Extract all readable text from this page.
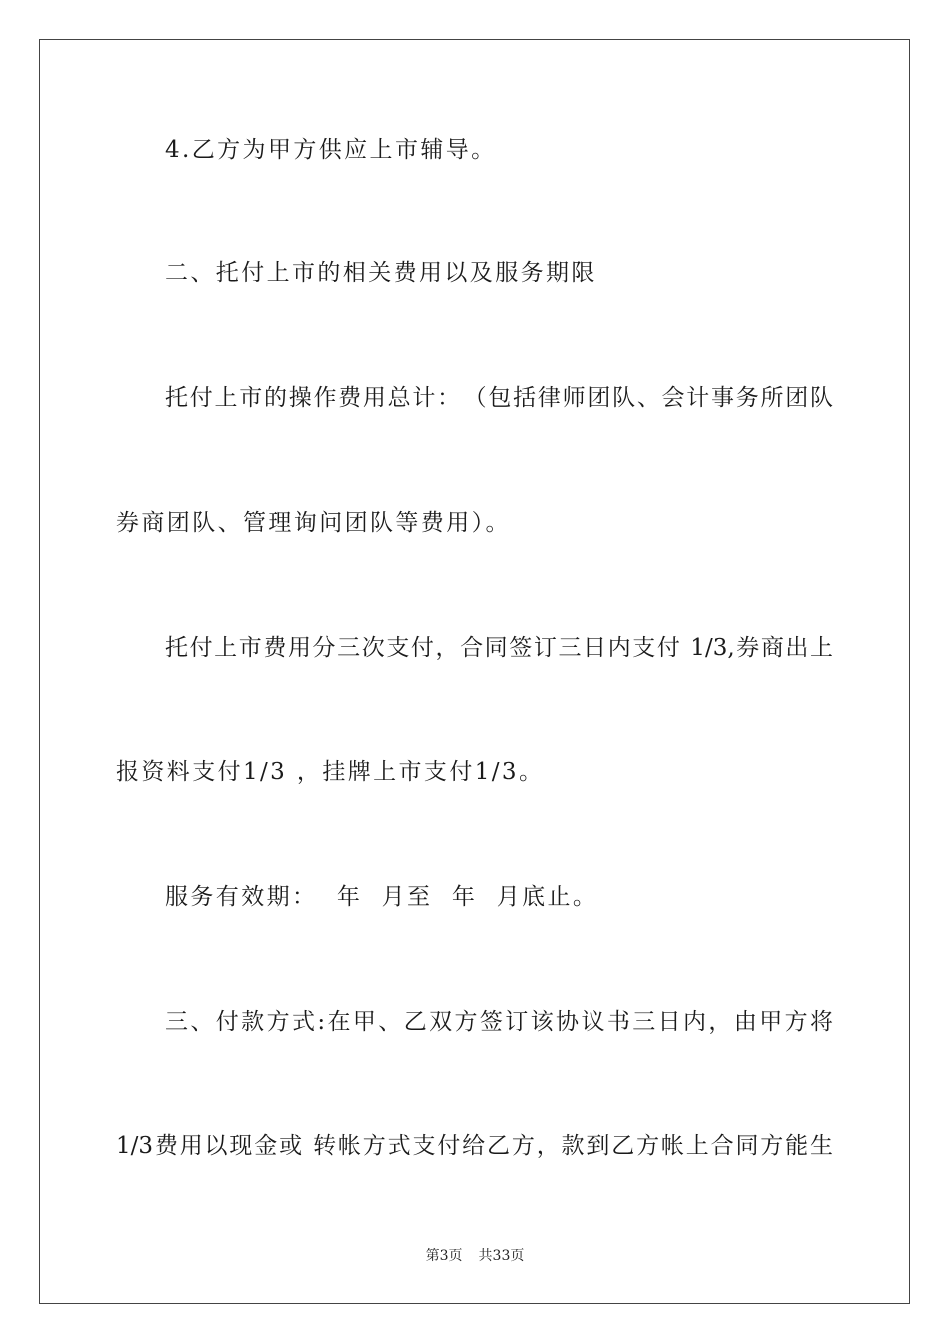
4.乙方为甲方供应上市辅导。
二、托付上市的相关费用以及服务期限
托付上市的操作费用总计：　（包括律师团队、会计事务所团队
券商团队、管理询问团队等费用）。
托付上市费用分三次支付，合同签订三日内支付 1/3,券商出上
报资料支付1/3 ，挂牌上市支付1/3。
服务有效期：  年  月至  年  月底止。
三、付款方式:在甲、乙双方签订该协议书三日内，由甲方将
1/3费用以现金或 转帐方式支付给乙方，款到乙方帐上合同方能生
第3页 共33页
